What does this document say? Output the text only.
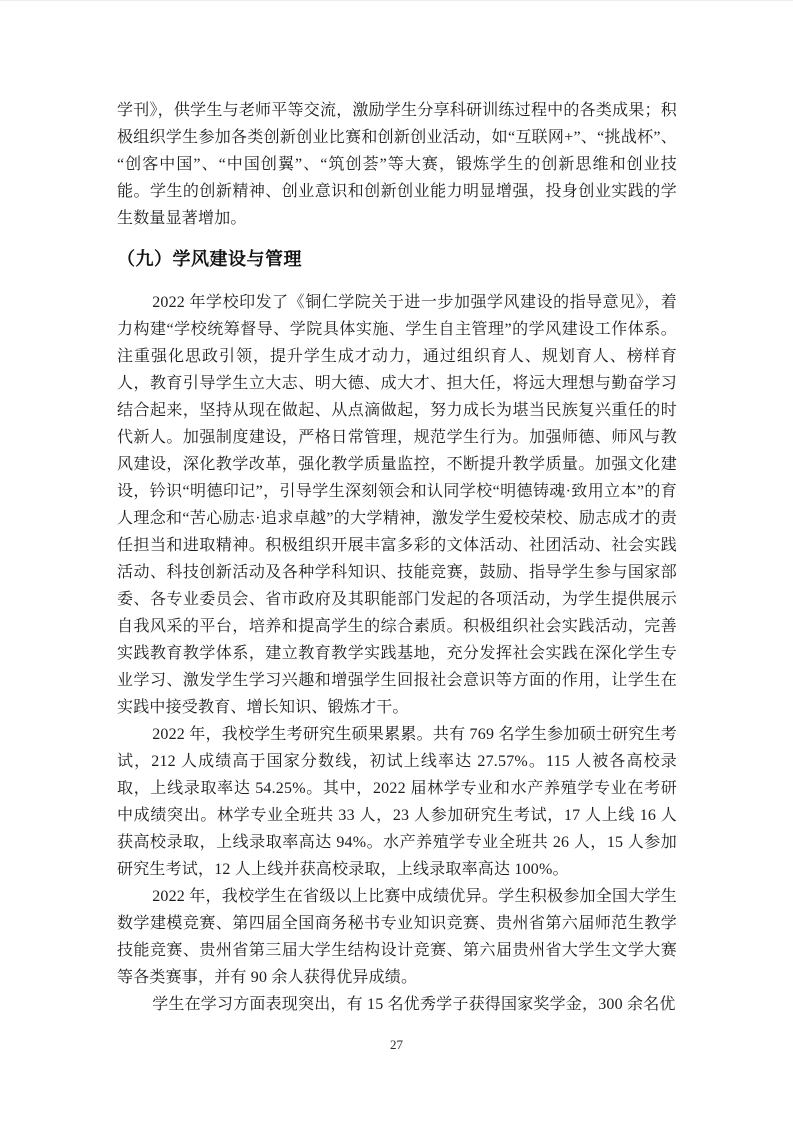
学刊》，供学生与老师平等交流，激励学生分享科研训练过程中的各类成果；积极组织学生参加各类创新创业比赛和创新创业活动，如“互联网+”、“挑战杯”、“创客中国”、“中国创翼”、“筑创荟”等大赛，锻炼学生的创新思维和创业技能。学生的创新精神、创业意识和创新创业能力明显增强，投身创业实践的学生数量显著增加。

（九）学风建设与管理

2022 年学校印发了《铜仁学院关于进一步加强学风建设的指导意见》，着力构建“学校统筹督导、学院具体实施、学生自主管理”的学风建设工作体系。注重强化思政引领，提升学生成才动力，通过组织育人、规划育人、榜样育人，教育引导学生立大志、明大德、成大才、担大任，将远大理想与勤奋学习结合起来，坚持从现在做起、从点滴做起，努力成长为堪当民族复兴重任的时代新人。加强制度建设，严格日常管理，规范学生行为。加强师德、师风与教风建设，深化教学改革，强化教学质量监控，不断提升教学质量。加强文化建设，钤识“明德印记”，引导学生深刻领会和认同学校“明德铸魂·致用立本”的育人理念和“苦心励志·追求卓越”的大学精神，激发学生爱校荣校、励志成才的责任担当和进取精神。积极组织开展丰富多彩的文体活动、社团活动、社会实践活动、科技创新活动及各种学科知识、技能竞赛，鼓励、指导学生参与国家部委、各专业委员会、省市政府及其职能部门发起的各项活动，为学生提供展示自我风采的平台，培养和提高学生的综合素质。积极组织社会实践活动，完善实践教育教学体系，建立教育教学实践基地，充分发挥社会实践在深化学生专业学习、激发学生学习兴趣和增强学生回报社会意识等方面的作用，让学生在实践中接受教育、增长知识、锻炼才干。

2022 年，我校学生考研究生硕果累累。共有 769 名学生参加硕士研究生考试，212 人成绩高于国家分数线，初试上线率达 27.57%。115 人被各高校录取，上线录取率达 54.25%。其中，2022 届林学专业和水产养殖学专业在考研中成绩突出。林学专业全班共 33 人，23 人参加研究生考试，17 人上线 16 人获高校录取，上线录取率高达 94%。水产养殖学专业全班共 26 人，15 人参加研究生考试，12 人上线并获高校录取，上线录取率高达 100%。

2022 年，我校学生在省级以上比赛中成绩优异。学生积极参加全国大学生数学建模竞赛、第四届全国商务秘书专业知识竞赛、贵州省第六届师范生教学技能竞赛、贵州省第三届大学生结构设计竞赛、第六届贵州省大学生文学大赛等各类赛事，并有 90 余人获得优异成绩。

学生在学习方面表现突出，有 15 名优秀学子获得国家奖学金，300 余名优

27
